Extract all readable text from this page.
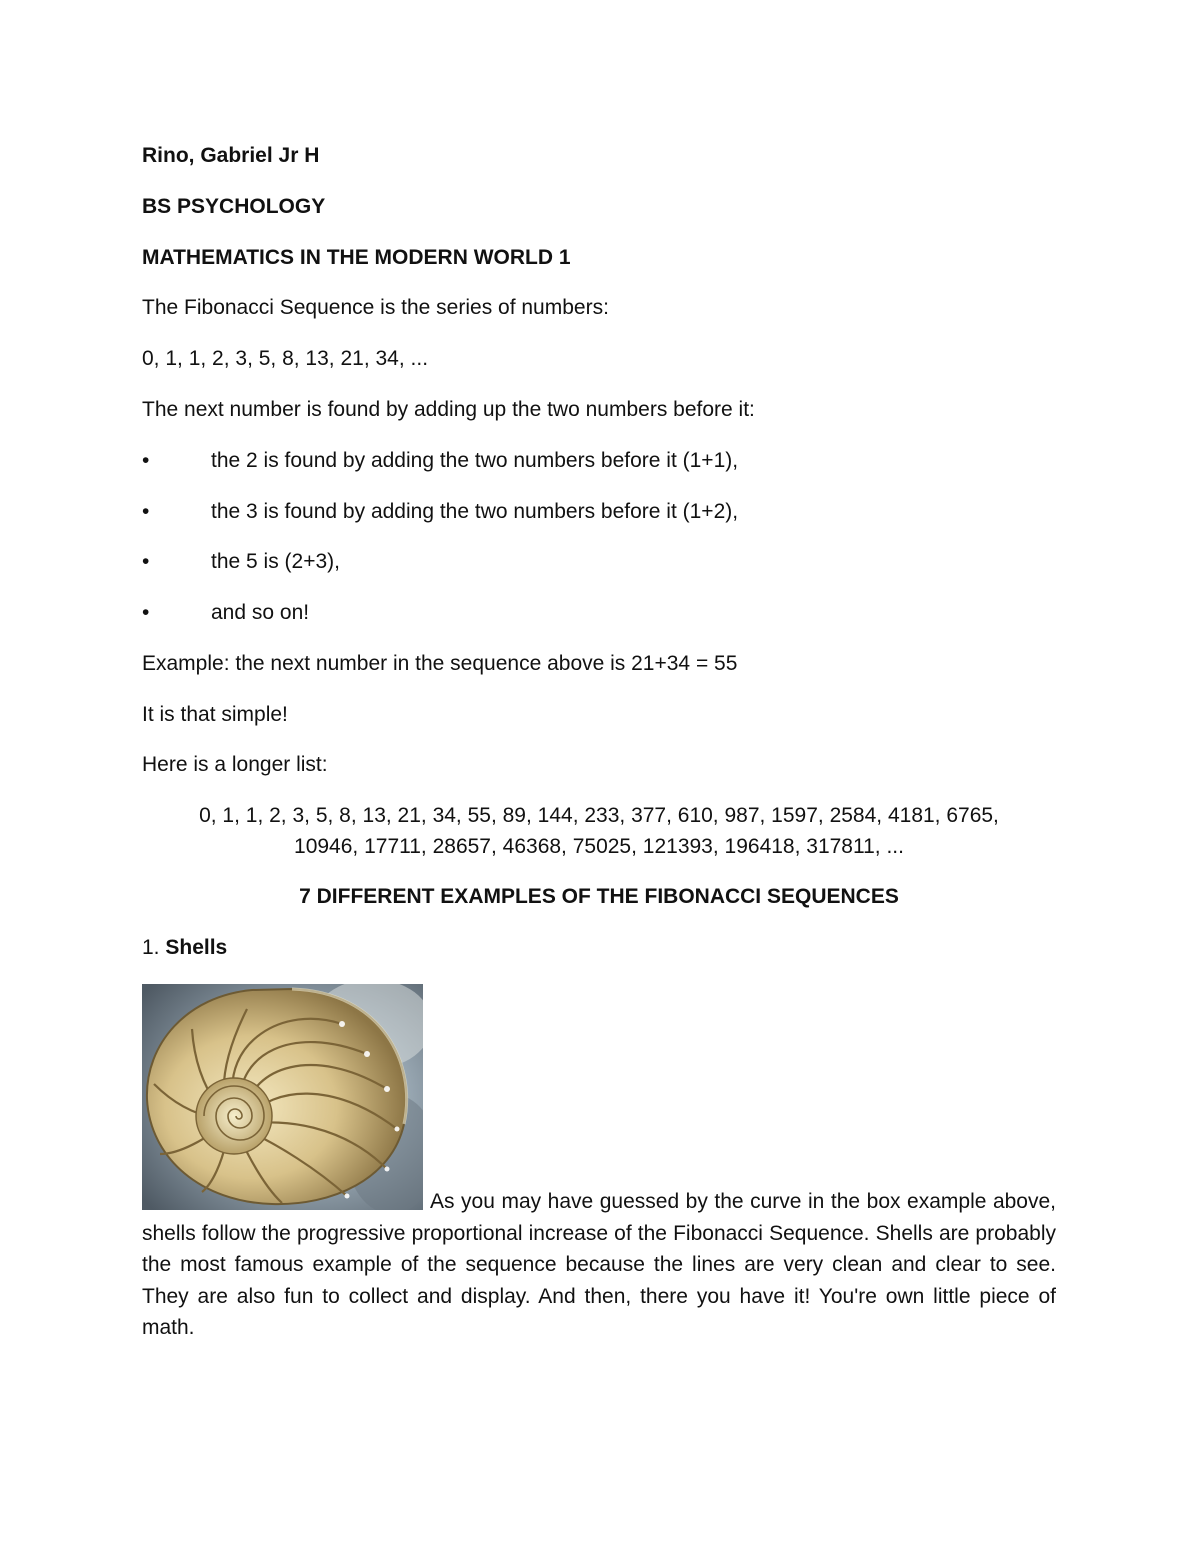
Rino, Gabriel Jr H

BS PSYCHOLOGY

MATHEMATICS IN THE MODERN WORLD 1

The Fibonacci Sequence is the series of numbers:

0, 1, 1, 2, 3, 5, 8, 13, 21, 34, ...

The next number is found by adding up the two numbers before it:

•	the 2 is found by adding the two numbers before it (1+1),
•	the 3 is found by adding the two numbers before it (1+2),
•	the 5 is (2+3),
•	and so on!

Example: the next number in the sequence above is 21+34 = 55

It is that simple!

Here is a longer list:

0, 1, 1, 2, 3, 5, 8, 13, 21, 34, 55, 89, 144, 233, 377, 610, 987, 1597, 2584, 4181, 6765,

10946, 17711, 28657, 46368, 75025, 121393, 196418, 317811, ...

7 DIFFERENT EXAMPLES OF THE FIBONACCI SEQUENCES

1. Shells

As you may have guessed by the curve in the box example above, shells follow the progressive proportional increase of the Fibonacci Sequence. Shells are probably the most famous example of the sequence because the lines are very clean and clear to see. They are also fun to collect and display. And then, there you have it! You're own little piece of math.
